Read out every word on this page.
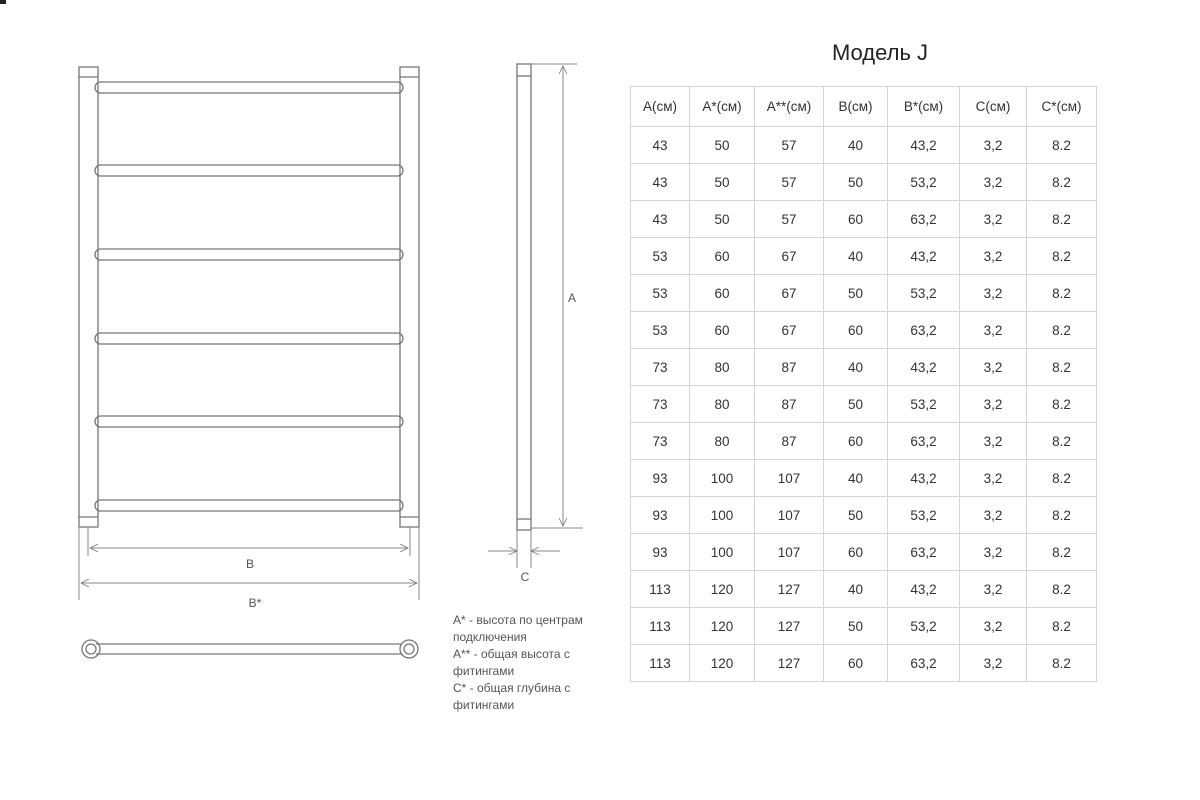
B
B*
A
C
Модель J
A* - высота по центрам
подключения
A** - общая высота с
фитингами
C* - общая глубина с
фитингами
A(см)	A*(см)	A**(см)	B(см)	B*(см)	C(см)	C*(см)
43	50	57	40	43,2	3,2	8.2
43	50	57	50	53,2	3,2	8.2
43	50	57	60	63,2	3,2	8.2
53	60	67	40	43,2	3,2	8.2
53	60	67	50	53,2	3,2	8.2
53	60	67	60	63,2	3,2	8.2
73	80	87	40	43,2	3,2	8.2
73	80	87	50	53,2	3,2	8.2
73	80	87	60	63,2	3,2	8.2
93	100	107	40	43,2	3,2	8.2
93	100	107	50	53,2	3,2	8.2
93	100	107	60	63,2	3,2	8.2
113	120	127	40	43,2	3,2	8.2
113	120	127	50	53,2	3,2	8.2
113	120	127	60	63,2	3,2	8.2
